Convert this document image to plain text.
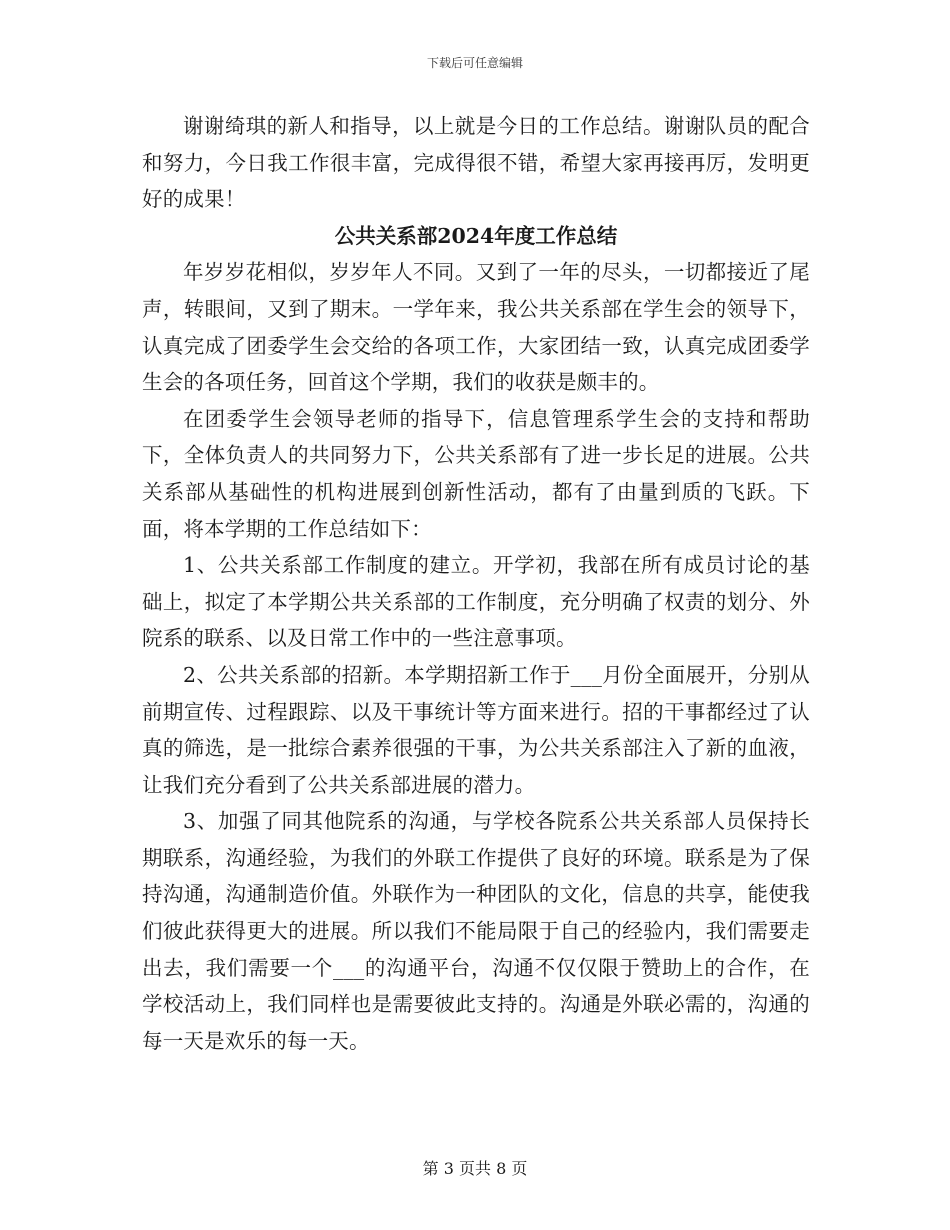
下载后可任意编辑

谢谢绮琪的新人和指导，以上就是今日的工作总结。谢谢队员的配合和努力，今日我工作很丰富，完成得很不错，希望大家再接再厉，发明更好的成果！

公共关系部2024年度工作总结

年岁岁花相似，岁岁年人不同。又到了一年的尽头，一切都接近了尾声，转眼间，又到了期末。一学年来，我公共关系部在学生会的领导下，认真完成了团委学生会交给的各项工作，大家团结一致，认真完成团委学生会的各项任务，回首这个学期，我们的收获是颇丰的。

在团委学生会领导老师的指导下，信息管理系学生会的支持和帮助下，全体负责人的共同努力下，公共关系部有了进一步长足的进展。公共关系部从基础性的机构进展到创新性活动，都有了由量到质的飞跃。下面，将本学期的工作总结如下：

1、公共关系部工作制度的建立。开学初，我部在所有成员讨论的基础上，拟定了本学期公共关系部的工作制度，充分明确了权责的划分、外院系的联系、以及日常工作中的一些注意事项。

2、公共关系部的招新。本学期招新工作于___月份全面展开，分别从前期宣传、过程跟踪、以及干事统计等方面来进行。招的干事都经过了认真的筛选，是一批综合素养很强的干事，为公共关系部注入了新的血液，让我们充分看到了公共关系部进展的潜力。

3、加强了同其他院系的沟通，与学校各院系公共关系部人员保持长期联系，沟通经验，为我们的外联工作提供了良好的环境。联系是为了保持沟通，沟通制造价值。外联作为一种团队的文化，信息的共享，能使我们彼此获得更大的进展。所以我们不能局限于自己的经验内，我们需要走出去，我们需要一个___的沟通平台，沟通不仅仅限于赞助上的合作，在学校活动上，我们同样也是需要彼此支持的。沟通是外联必需的，沟通的每一天是欢乐的每一天。

第 3 页共 8 页
